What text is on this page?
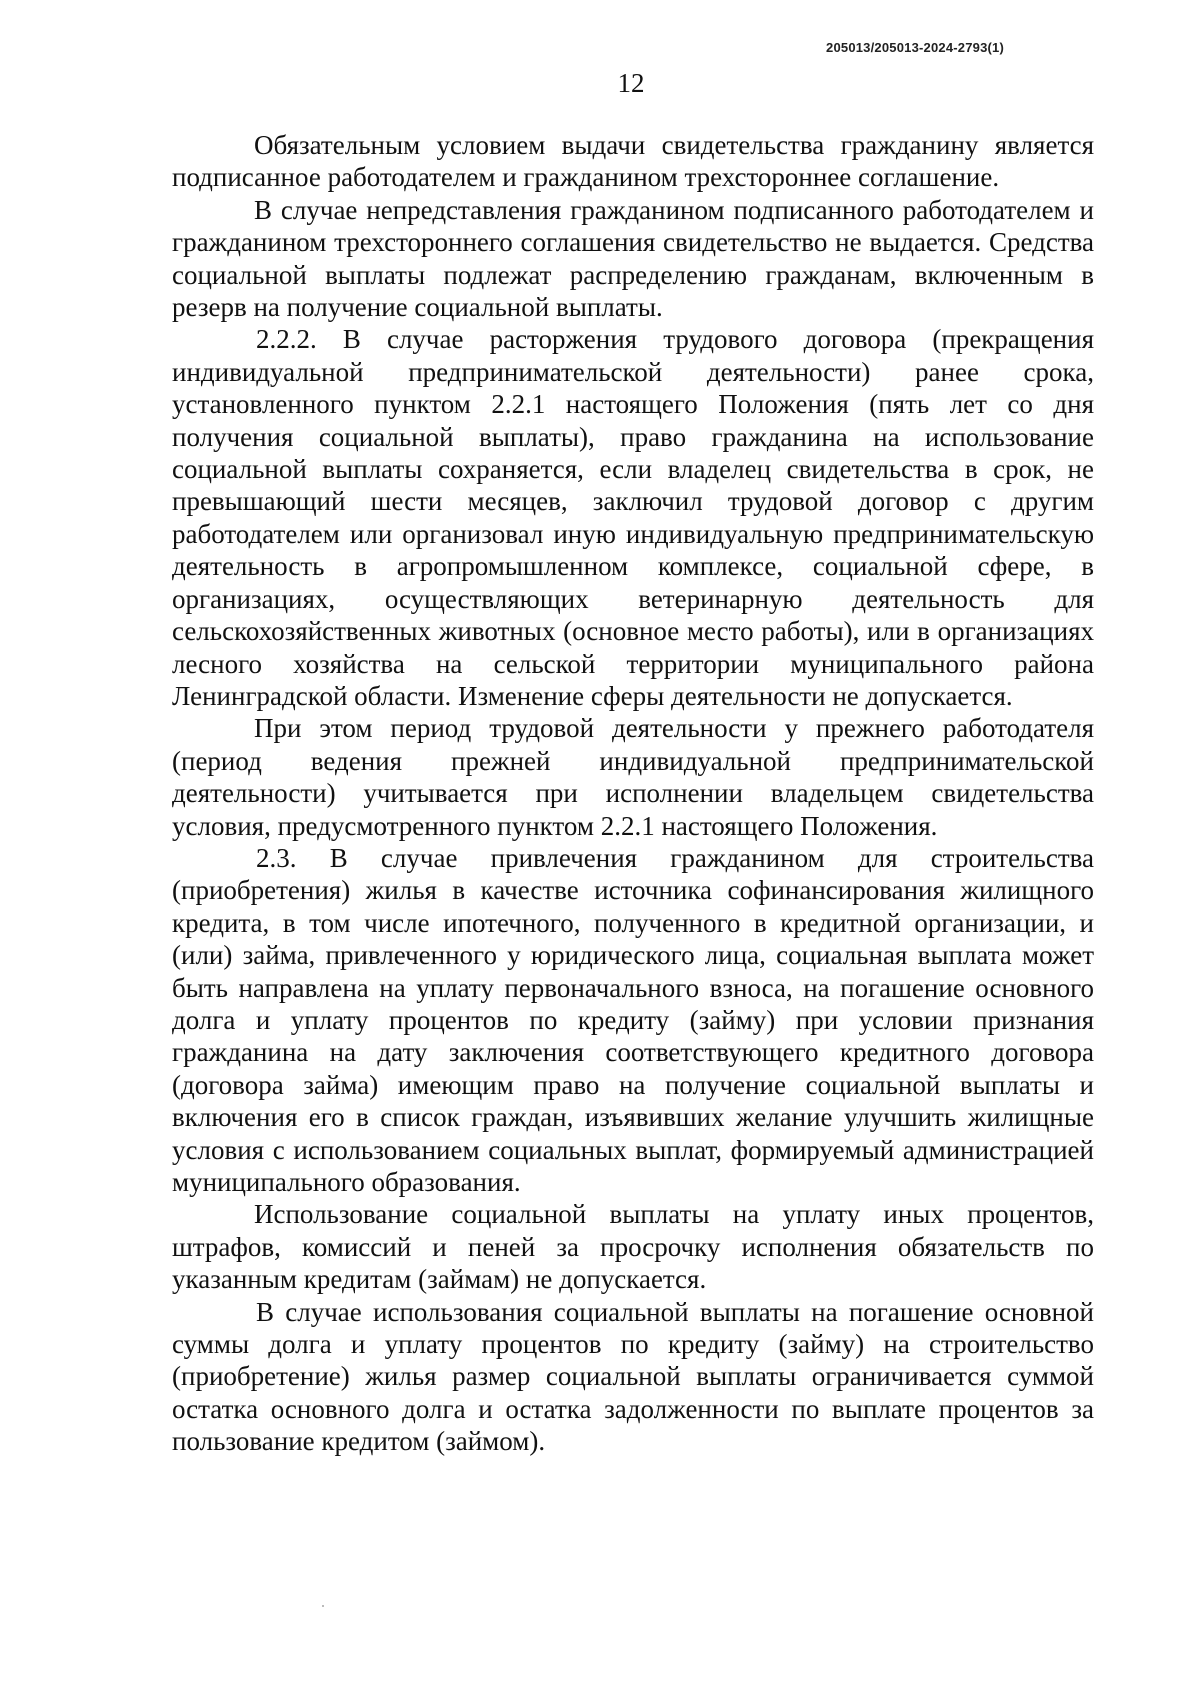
205013/205013-2024-2793(1)
12

Обязательным условием выдачи свидетельства гражданину является подписанное работодателем и гражданином трехстороннее соглашение.

В случае непредставления гражданином подписанного работодателем и гражданином трехстороннего соглашения свидетельство не выдается. Средства социальной выплаты подлежат распределению гражданам, включенным в резерв на получение социальной выплаты.

2.2.2. В случае расторжения трудового договора (прекращения индивидуальной предпринимательской деятельности) ранее срока, установленного пунктом 2.2.1 настоящего Положения (пять лет со дня получения социальной выплаты), право гражданина на использование социальной выплаты сохраняется, если владелец свидетельства в срок, не превышающий шести месяцев, заключил трудовой договор с другим работодателем или организовал иную индивидуальную предпринимательскую деятельность в агропромышленном комплексе, социальной сфере, в организациях, осуществляющих ветеринарную деятельность для сельскохозяйственных животных (основное место работы), или в организациях лесного хозяйства на сельской территории муниципального района Ленинградской области. Изменение сферы деятельности не допускается.

При этом период трудовой деятельности у прежнего работодателя (период ведения прежней индивидуальной предпринимательской деятельности) учитывается при исполнении владельцем свидетельства условия, предусмотренного пунктом 2.2.1 настоящего Положения.

2.3. В случае привлечения гражданином для строительства (приобретения) жилья в качестве источника софинансирования жилищного кредита, в том числе ипотечного, полученного в кредитной организации, и (или) займа, привлеченного у юридического лица, социальная выплата может быть направлена на уплату первоначального взноса, на погашение основного долга и уплату процентов по кредиту (займу) при условии признания гражданина на дату заключения соответствующего кредитного договора (договора займа) имеющим право на получение социальной выплаты и включения его в список граждан, изъявивших желание улучшить жилищные условия с использованием социальных выплат, формируемый администрацией муниципального образования.

Использование социальной выплаты на уплату иных процентов, штрафов, комиссий и пеней за просрочку исполнения обязательств по указанным кредитам (займам) не допускается.

В случае использования социальной выплаты на погашение основной суммы долга и уплату процентов по кредиту (займу) на строительство (приобретение) жилья размер социальной выплаты ограничивается суммой остатка основного долга и остатка задолженности по выплате процентов за пользование кредитом (займом).
